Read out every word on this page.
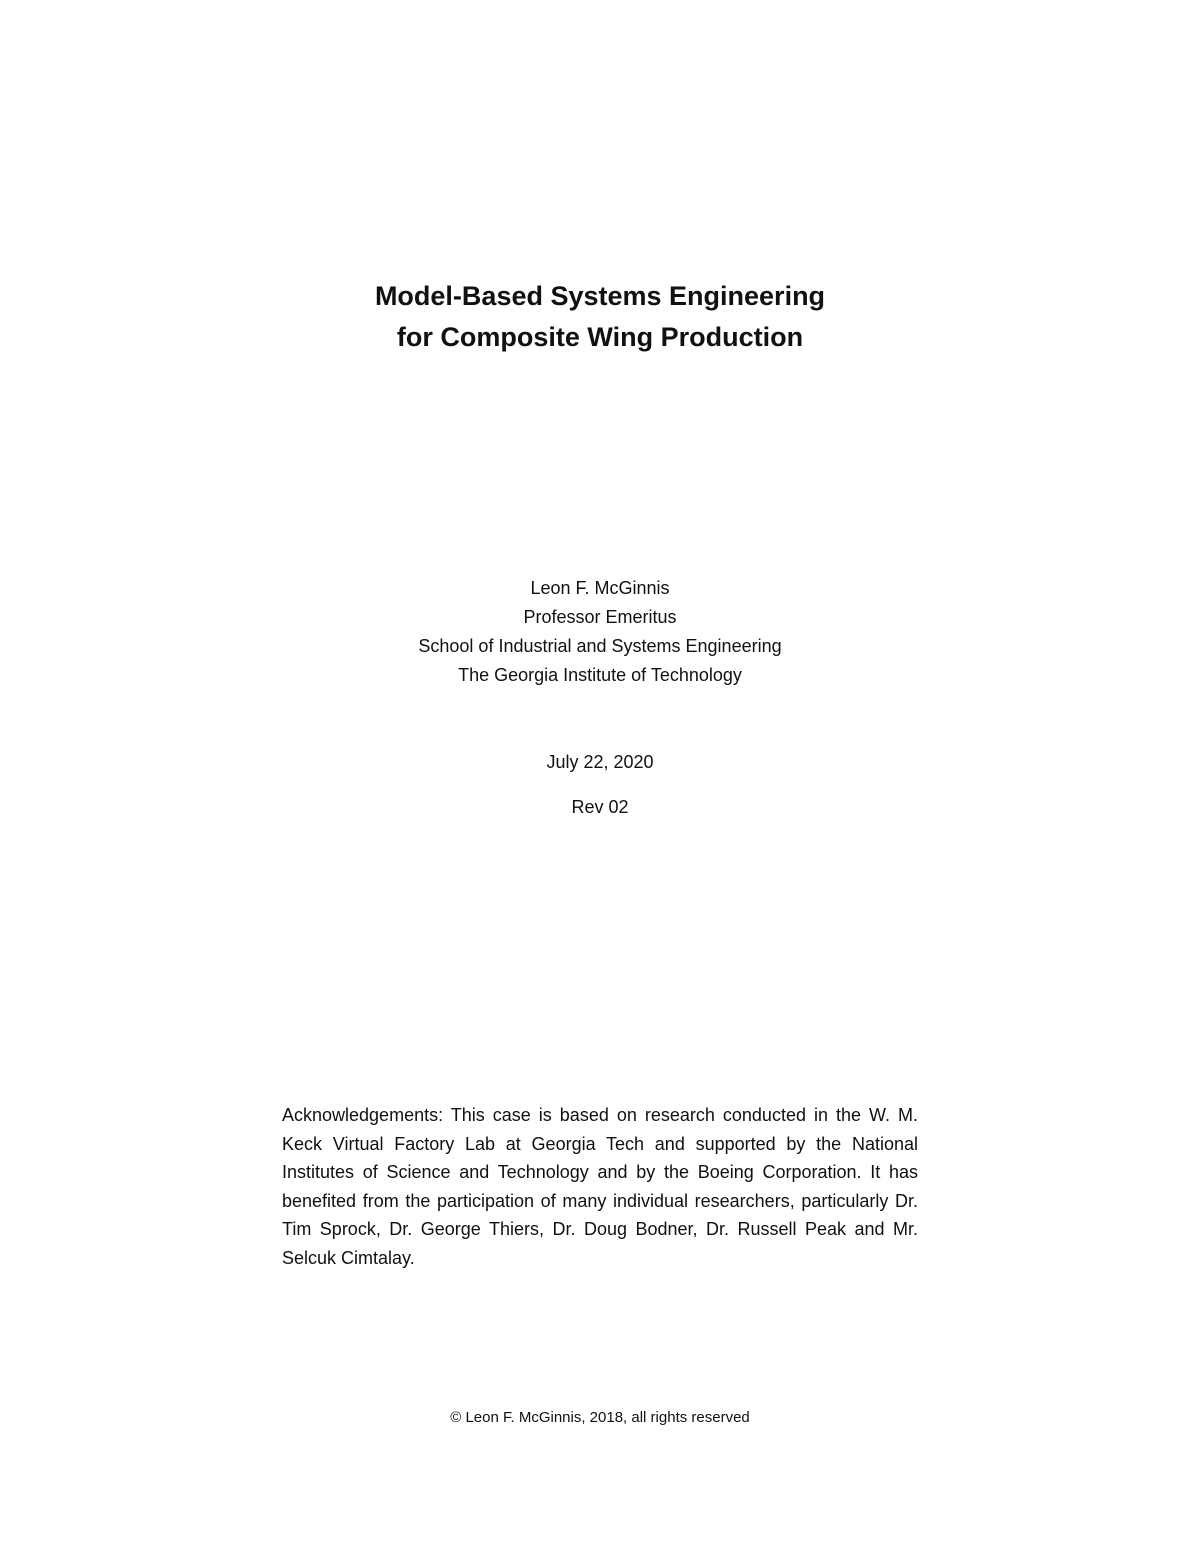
Model-Based Systems Engineering
for Composite Wing Production
Leon F. McGinnis
Professor Emeritus
School of Industrial and Systems Engineering
The Georgia Institute of Technology
July 22, 2020
Rev 02
Acknowledgements: This case is based on research conducted in the W. M. Keck Virtual Factory Lab at Georgia Tech and supported by the National Institutes of Science and Technology and by the Boeing Corporation. It has benefited from the participation of many individual researchers, particularly Dr. Tim Sprock, Dr. George Thiers, Dr. Doug Bodner, Dr. Russell Peak and Mr. Selcuk Cimtalay.
© Leon F. McGinnis, 2018, all rights reserved
